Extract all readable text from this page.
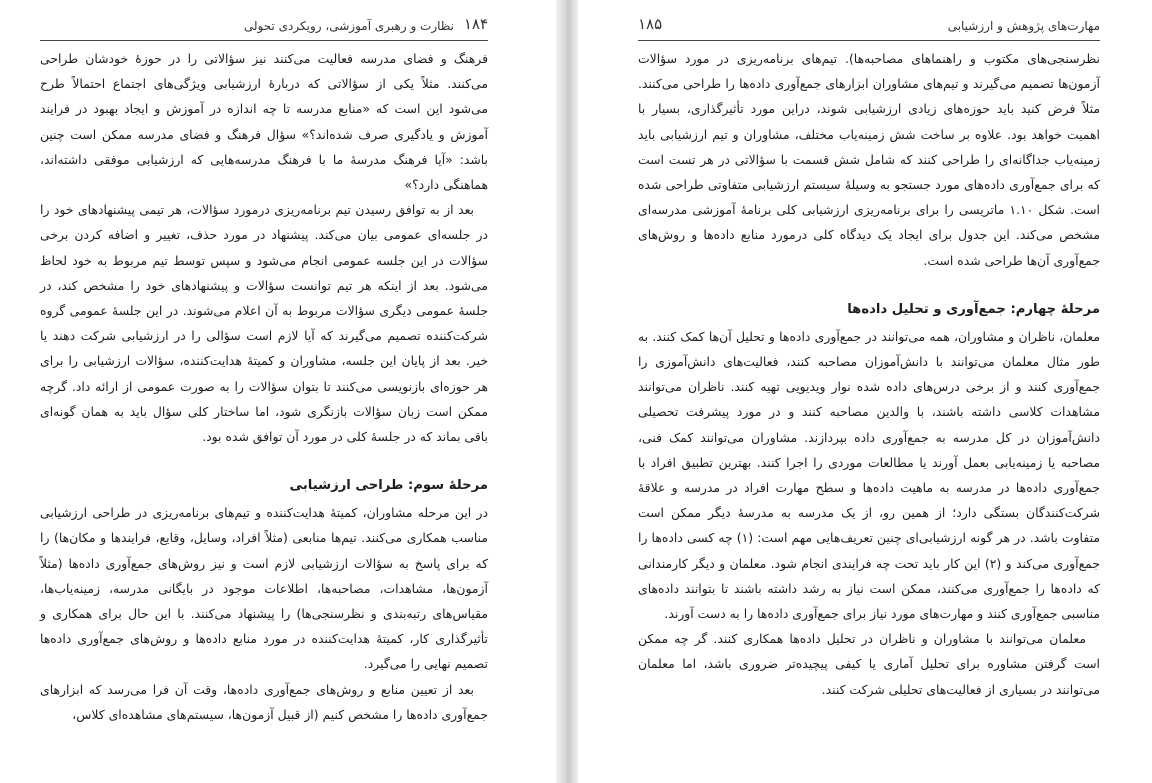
۱۸۴
نظارت و رهبری آموزشی، رویکردی تحولی

فرهنگ و فضای مدرسه فعالیت می‌کنند نیز سؤالاتی را در حوزهٔ خودشان طراحی می‌کنند. مثلاً یکی از سؤالاتی که دربارهٔ ارزشیابی ویژگی‌های اجتماع احتمالاً طرح می‌شود این است که «منابع مدرسه تا چه اندازه در آموزش و ایجاد بهبود در فرایند آموزش و یادگیری صرف شده‌اند؟» سؤال فرهنگ و فضای مدرسه ممکن است چنین باشد: «آیا فرهنگ مدرسهٔ ما با فرهنگ مدرسه‌هایی که ارزشیابی موفقی داشته‌اند، هماهنگی دارد؟»

بعد از به توافق رسیدن تیم برنامه‌ریزی درمورد سؤالات، هر تیمی پیشنهادهای خود را در جلسه‌ای عمومی بیان می‌کند. پیشنهاد در مورد حذف، تغییر و اضافه کردن برخی سؤالات در این جلسه عمومی انجام می‌شود و سپس توسط تیم مربوط به خود لحاظ می‌شود. بعد از اینکه هر تیم توانست سؤالات و پیشنهادهای خود را مشخص کند، در جلسهٔ عمومی دیگری سؤالات مربوط به آن اعلام می‌شوند. در این جلسهٔ عمومی گروه شرکت‌کننده تصمیم می‌گیرند که آیا لازم است سؤالی را در ارزشیابی شرکت دهند یا خیر. بعد از پایان این جلسه، مشاوران و کمیتهٔ هدایت‌کننده، سؤالات ارزشیابی را برای هر حوزه‌ای بازنویسی می‌کنند تا بتوان سؤالات را به صورت عمومی از ارائه داد. گرچه ممکن است زبان سؤالات بازنگری شود، اما ساختار کلی سؤال باید به همان گونه‌ای باقی بماند که در جلسهٔ کلی در مورد آن توافق شده بود.

مرحلهٔ سوم: طراحی ارزشیابی

در این مرحله مشاوران، کمیتهٔ هدایت‌کننده و تیم‌های برنامه‌ریزی در طراحی ارزشیابی مناسب همکاری می‌کنند. تیم‌ها منابعی (مثلاً افراد، وسایل، وقایع، فرایندها و مکان‌ها) را که برای پاسخ به سؤالات ارزشیابی لازم است و نیز روش‌های جمع‌آوری داده‌ها (مثلاً آزمون‌ها، مشاهدات، مصاحبه‌ها، اطلاعات موجود در بایگانی مدرسه، زمینه‌یاب‌ها، مقیاس‌های رتبه‌بندی و نظرسنجی‌ها) را پیشنهاد می‌کنند. با این حال برای همکاری و تأثیرگذاری کار، کمیتهٔ هدایت‌کننده در مورد منابع داده‌ها و روش‌های جمع‌آوری داده‌ها تصمیم نهایی را می‌گیرد.

بعد از تعیین منابع و روش‌های جمع‌آوری داده‌ها، وقت آن فرا می‌رسد که ابزارهای جمع‌آوری داده‌ها را مشخص کنیم (از قبیل آزمون‌ها، سیستم‌های مشاهده‌ای کلاس،

۱۸۵	مهارت‌های پژوهش و ارزشیابی

نظرسنجی‌های مکتوب و راهنماهای مصاحبه‌ها). تیم‌های برنامه‌ریزی در مورد سؤالات آزمون‌ها تصمیم می‌گیرند و تیم‌های مشاوران ابزارهای جمع‌آوری داده‌ها را طراحی می‌کنند. مثلاً فرض کنید باید حوزه‌های زیادی ارزشیابی شوند، دراین مورد تأثیرگذاری، بسیار با اهمیت خواهد بود. علاوه بر ساخت شش زمینه‌یاب مختلف، مشاوران و تیم ارزشیابی باید زمینه‌یاب جداگانه‌ای را طراحی کنند که شامل شش قسمت با سؤالاتی در هر تست است که برای جمع‌آوری داده‌های مورد جستجو به وسیلهٔ سیستم ارزشیابی متفاوتی طراحی شده است. شکل ۱.۱۰ ماتریسی را برای برنامه‌ریزی ارزشیابی کلی برنامهٔ آموزشی مدرسه‌ای مشخص می‌کند. این جدول برای ایجاد یک دیدگاه کلی درمورد منابع داده‌ها و روش‌های جمع‌آوری آن‌ها طراحی شده است.

مرحلهٔ چهارم: جمع‌آوری و تحلیل داده‌ها

معلمان، ناظران و مشاوران، همه می‌توانند در جمع‌آوری داده‌ها و تحلیل آن‌ها کمک کنند. به طور مثال معلمان می‌توانند با دانش‌آموزان مصاحبه کنند، فعالیت‌های دانش‌آموزی را جمع‌آوری کنند و از برخی درس‌های داده شده نوار ویدیویی تهیه کنند. ناظران می‌توانند مشاهدات کلاسی داشته باشند، با والدین مصاحبه کنند و در مورد پیشرفت تحصیلی دانش‌آموزان در کل مدرسه به جمع‌آوری داده بپردازند. مشاوران می‌توانند کمک فنی، مصاحبه یا زمینه‌یابی بعمل آورند یا مطالعات موردی را اجرا کنند. بهترین تطبیق افراد با جمع‌آوری داده‌ها در مدرسه به ماهیت داده‌ها و سطح مهارت افراد در مدرسه و علاقهٔ شرکت‌کنندگان بستگی دارد؛ از همین رو، از یک مدرسه به مدرسهٔ دیگر ممکن است متفاوت باشد. در هر گونه ارزشیابی‌ای چنین تعریف‌هایی مهم است: (۱) چه کسی داده‌ها را جمع‌آوری می‌کند و (۲) این کار باید تحت چه فرایندی انجام شود. معلمان و دیگر کارمندانی که داده‌ها را جمع‌آوری می‌کنند، ممکن است نیاز به رشد داشته باشند تا بتوانند داده‌های مناسبی جمع‌آوری کنند و مهارت‌های مورد نیاز برای جمع‌آوری داده‌ها را به دست آورند.

معلمان می‌توانند با مشاوران و ناظران در تحلیل داده‌ها همکاری کنند. گر چه ممکن است گرفتن مشاوره برای تحلیل آماری یا کیفی پیچیده‌تر ضروری باشد، اما معلمان می‌توانند در بسیاری از فعالیت‌های تحلیلی شرکت کنند.
